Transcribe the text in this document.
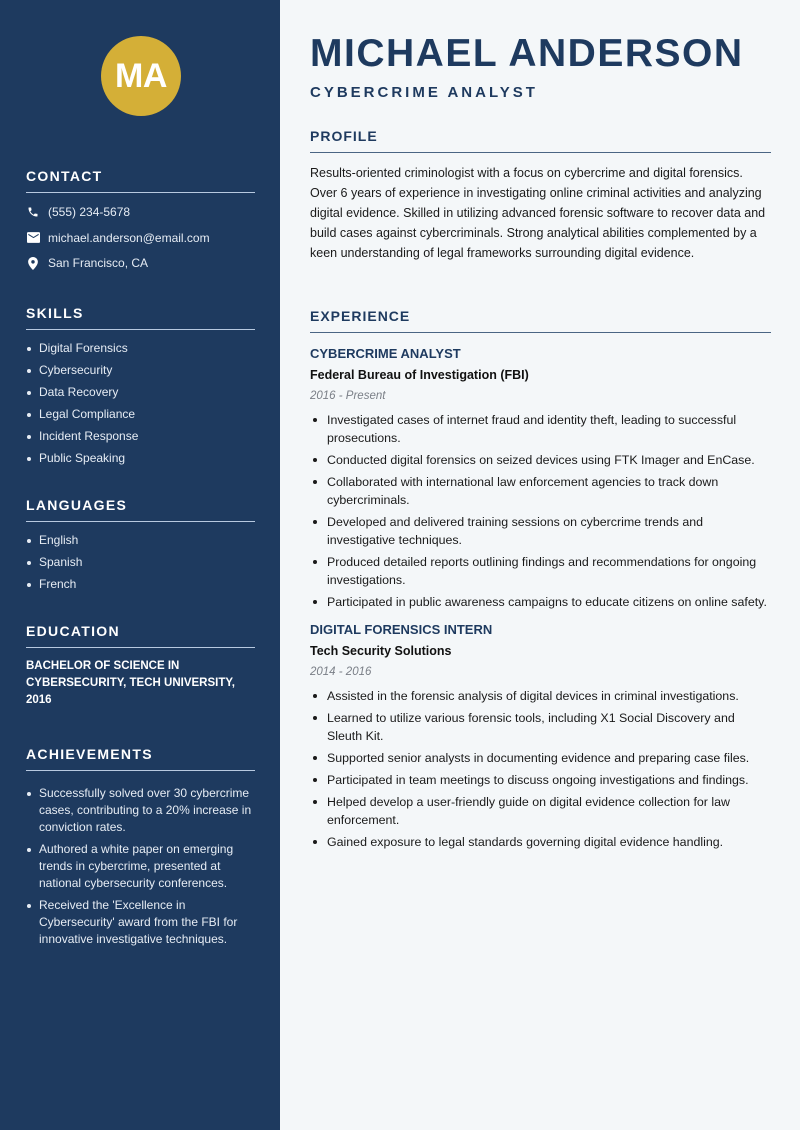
MA
CONTACT
(555) 234-5678
michael.anderson@email.com
San Francisco, CA
SKILLS
Digital Forensics
Cybersecurity
Data Recovery
Legal Compliance
Incident Response
Public Speaking
LANGUAGES
English
Spanish
French
EDUCATION

BACHELOR OF SCIENCE IN CYBERSECURITY, TECH UNIVERSITY, 2016

ACHIEVEMENTS
Successfully solved over 30 cybercrime cases, contributing to a 20% increase in conviction rates.
Authored a white paper on emerging trends in cybercrime, presented at national cybersecurity conferences.
Received the 'Excellence in Cybersecurity' award from the FBI for innovative investigative techniques.
MICHAEL ANDERSON
CYBERCRIME ANALYST
PROFILE

Results-oriented criminologist with a focus on cybercrime and digital forensics. Over 6 years of experience in investigating online criminal activities and analyzing digital evidence. Skilled in utilizing advanced forensic software to recover data and build cases against cybercriminals. Strong analytical abilities complemented by a keen understanding of legal frameworks surrounding digital evidence.

EXPERIENCE
CYBERCRIME ANALYST
Federal Bureau of Investigation (FBI)
2016 - Present
Investigated cases of internet fraud and identity theft, leading to successful prosecutions.
Conducted digital forensics on seized devices using FTK Imager and EnCase.
Collaborated with international law enforcement agencies to track down cybercriminals.
Developed and delivered training sessions on cybercrime trends and investigative techniques.
Produced detailed reports outlining findings and recommendations for ongoing investigations.
Participated in public awareness campaigns to educate citizens on online safety.
DIGITAL FORENSICS INTERN
Tech Security Solutions
2014 - 2016
Assisted in the forensic analysis of digital devices in criminal investigations.
Learned to utilize various forensic tools, including X1 Social Discovery and Sleuth Kit.
Supported senior analysts in documenting evidence and preparing case files.
Participated in team meetings to discuss ongoing investigations and findings.
Helped develop a user-friendly guide on digital evidence collection for law enforcement.
Gained exposure to legal standards governing digital evidence handling.
